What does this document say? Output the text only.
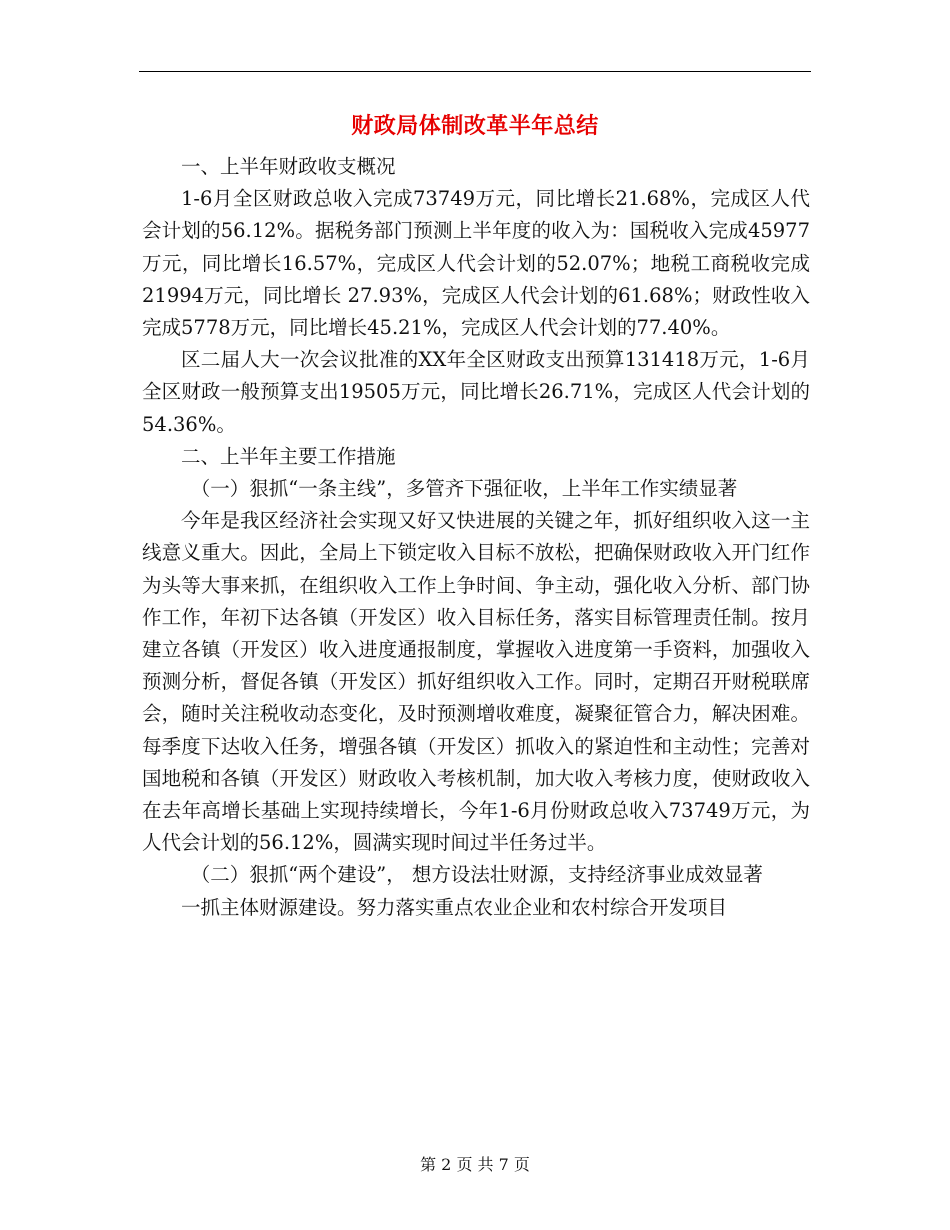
财政局体制改革半年总结

一、上半年财政收支概况

1-6月全区财政总收入完成73749万元，同比增长21.68%，完成区人代会计划的56.12%。据税务部门预测上半年度的收入为：国税收入完成45977万元，同比增长16.57%，完成区人代会计划的52.07%；地税工商税收完成21994万元，同比增长 27.93%，完成区人代会计划的61.68%；财政性收入完成5778万元，同比增长45.21%，完成区人代会计划的77.40%。

区二届人大一次会议批准的XX年全区财政支出预算131418万元，1-6月全区财政一般预算支出19505万元，同比增长26.71%，完成区人代会计划的54.36%。

二、上半年主要工作措施

（一）狠抓“一条主线”，多管齐下强征收，上半年工作实绩显著

今年是我区经济社会实现又好又快进展的关键之年，抓好组织收入这一主线意义重大。因此，全局上下锁定收入目标不放松，把确保财政收入开门红作为头等大事来抓，在组织收入工作上争时间、争主动，强化收入分析、部门协作工作，年初下达各镇（开发区）收入目标任务，落实目标管理责任制。按月建立各镇（开发区）收入进度通报制度，掌握收入进度第一手资料，加强收入预测分析，督促各镇（开发区）抓好组织收入工作。同时，定期召开财税联席会，随时关注税收动态变化，及时预测增收难度，凝聚征管合力，解决困难。每季度下达收入任务，增强各镇（开发区）抓收入的紧迫性和主动性；完善对国地税和各镇（开发区）财政收入考核机制，加大收入考核力度，使财政收入在去年高增长基础上实现持续增长，今年1-6月份财政总收入73749万元，为人代会计划的56.12%，圆满实现时间过半任务过半。

（二）狠抓“两个建设”， 想方设法壮财源，支持经济事业成效显著

一抓主体财源建设。努力落实重点农业企业和农村综合开发项目

第 2 页 共 7 页
